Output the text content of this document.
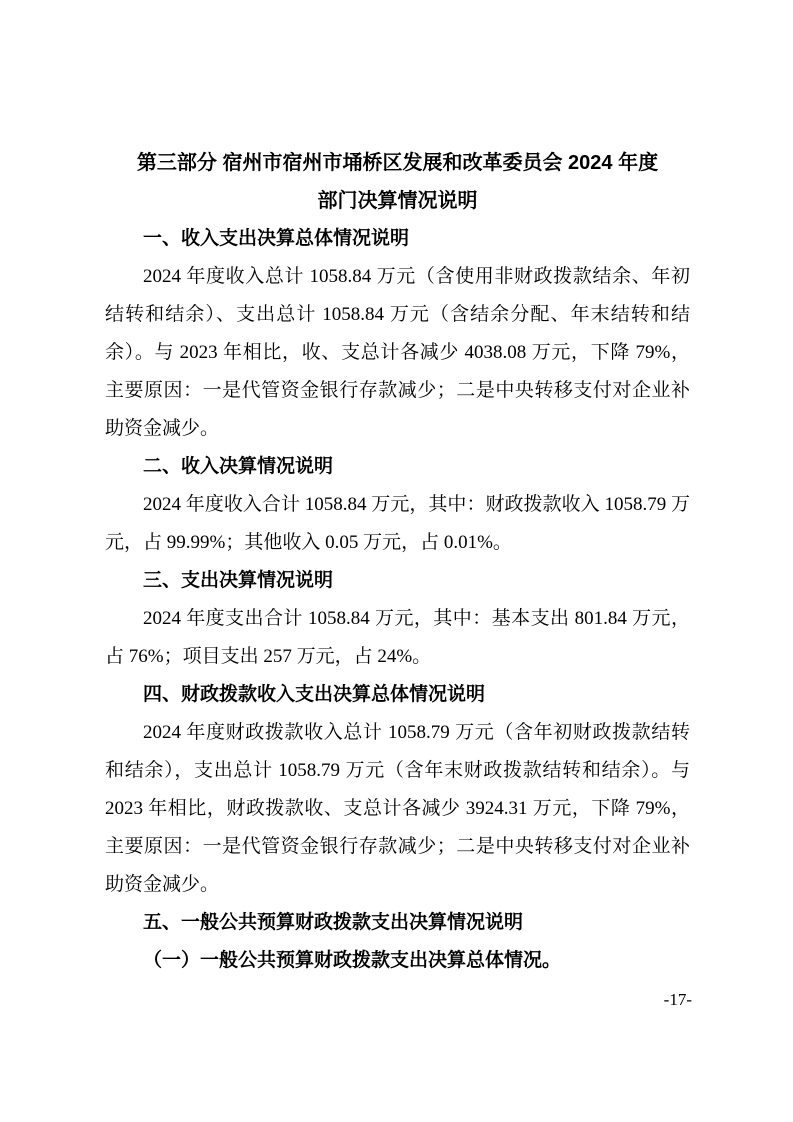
第三部分 宿州市宿州市埇桥区发展和改革委员会 2024 年度
部门决算情况说明
一、收入支出决算总体情况说明

2024 年度收入总计 1058.84 万元（含使用非财政拨款结余、年初结转和结余）、支出总计 1058.84 万元（含结余分配、年末结转和结余）。与 2023 年相比，收、支总计各减少 4038.08 万元，下降 79%，主要原因：一是代管资金银行存款减少；二是中央转移支付对企业补助资金减少。

二、收入决算情况说明

2024 年度收入合计 1058.84 万元，其中：财政拨款收入 1058.79 万元，占 99.99%；其他收入 0.05 万元，占 0.01%。

三、支出决算情况说明

2024 年度支出合计 1058.84 万元，其中：基本支出 801.84 万元，占 76%；项目支出 257 万元，占 24%。

四、财政拨款收入支出决算总体情况说明

2024 年度财政拨款收入总计 1058.79 万元（含年初财政拨款结转和结余），支出总计 1058.79 万元（含年末财政拨款结转和结余）。与 2023 年相比，财政拨款收、支总计各减少 3924.31 万元，下降 79%，主要原因：一是代管资金银行存款减少；二是中央转移支付对企业补助资金减少。

五、一般公共预算财政拨款支出决算情况说明

（一）一般公共预算财政拨款支出决算总体情况。

-17-
